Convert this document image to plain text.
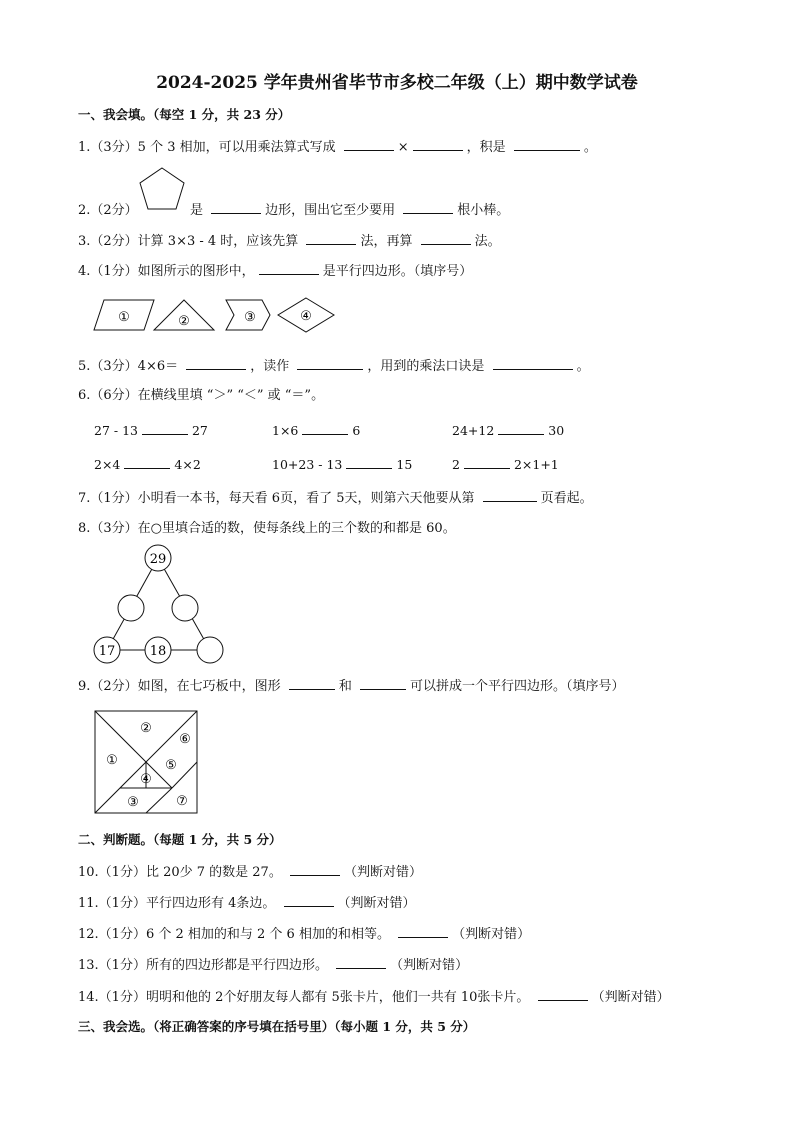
2024-2025 学年贵州省毕节市多校二年级（上）期中数学试卷
一、我会填。（每空 1 分，共 23 分）
1.（3分）5 个 3 相加，可以用乘法算式写成	×	，积是	。
2.（2分）	是	边形，围出它至少要用	根小棒。
3.（2分）计算 3×3 - 4 时，应该先算	法，再算	法。
4.（1分）如图所示的图形中，	是平行四边形。（填序号）
①	②	③	④
5.（3分）4×6＝	，读作	，用到的乘法口诀是	。
6.（6分）在横线里填 “＞” “＜” 或 “＝”。
27 - 13	27	1×6	6	24+12	30
2×4	4×2	10+23 - 13	15	2	2×1+1
7.（1分）小明看一本书，每天看 6页，看了 5天，则第六天他要从第	页看起。
8.（3分）在○里填合适的数，使每条线上的三个数的和都是 60。
29
17	18
9.（2分）如图，在七巧板中，图形	和	可以拼成一个平行四边形。（填序号）
①
②
③
④
⑤
⑥
⑦
二、判断题。（每题 1 分，共 5 分）
10.（1分）比 20少 7 的数是 27。	（判断对错）
11.（1分）平行四边形有 4条边。	（判断对错）
12.（1分）6 个 2 相加的和与 2 个 6 相加的和相等。	（判断对错）
13.（1分）所有的四边形都是平行四边形。	（判断对错）
14.（1分）明明和他的 2个好朋友每人都有 5张卡片，他们一共有 10张卡片。	（判断对错）
三、我会选。（将正确答案的序号填在括号里）（每小题 1 分，共 5 分）
